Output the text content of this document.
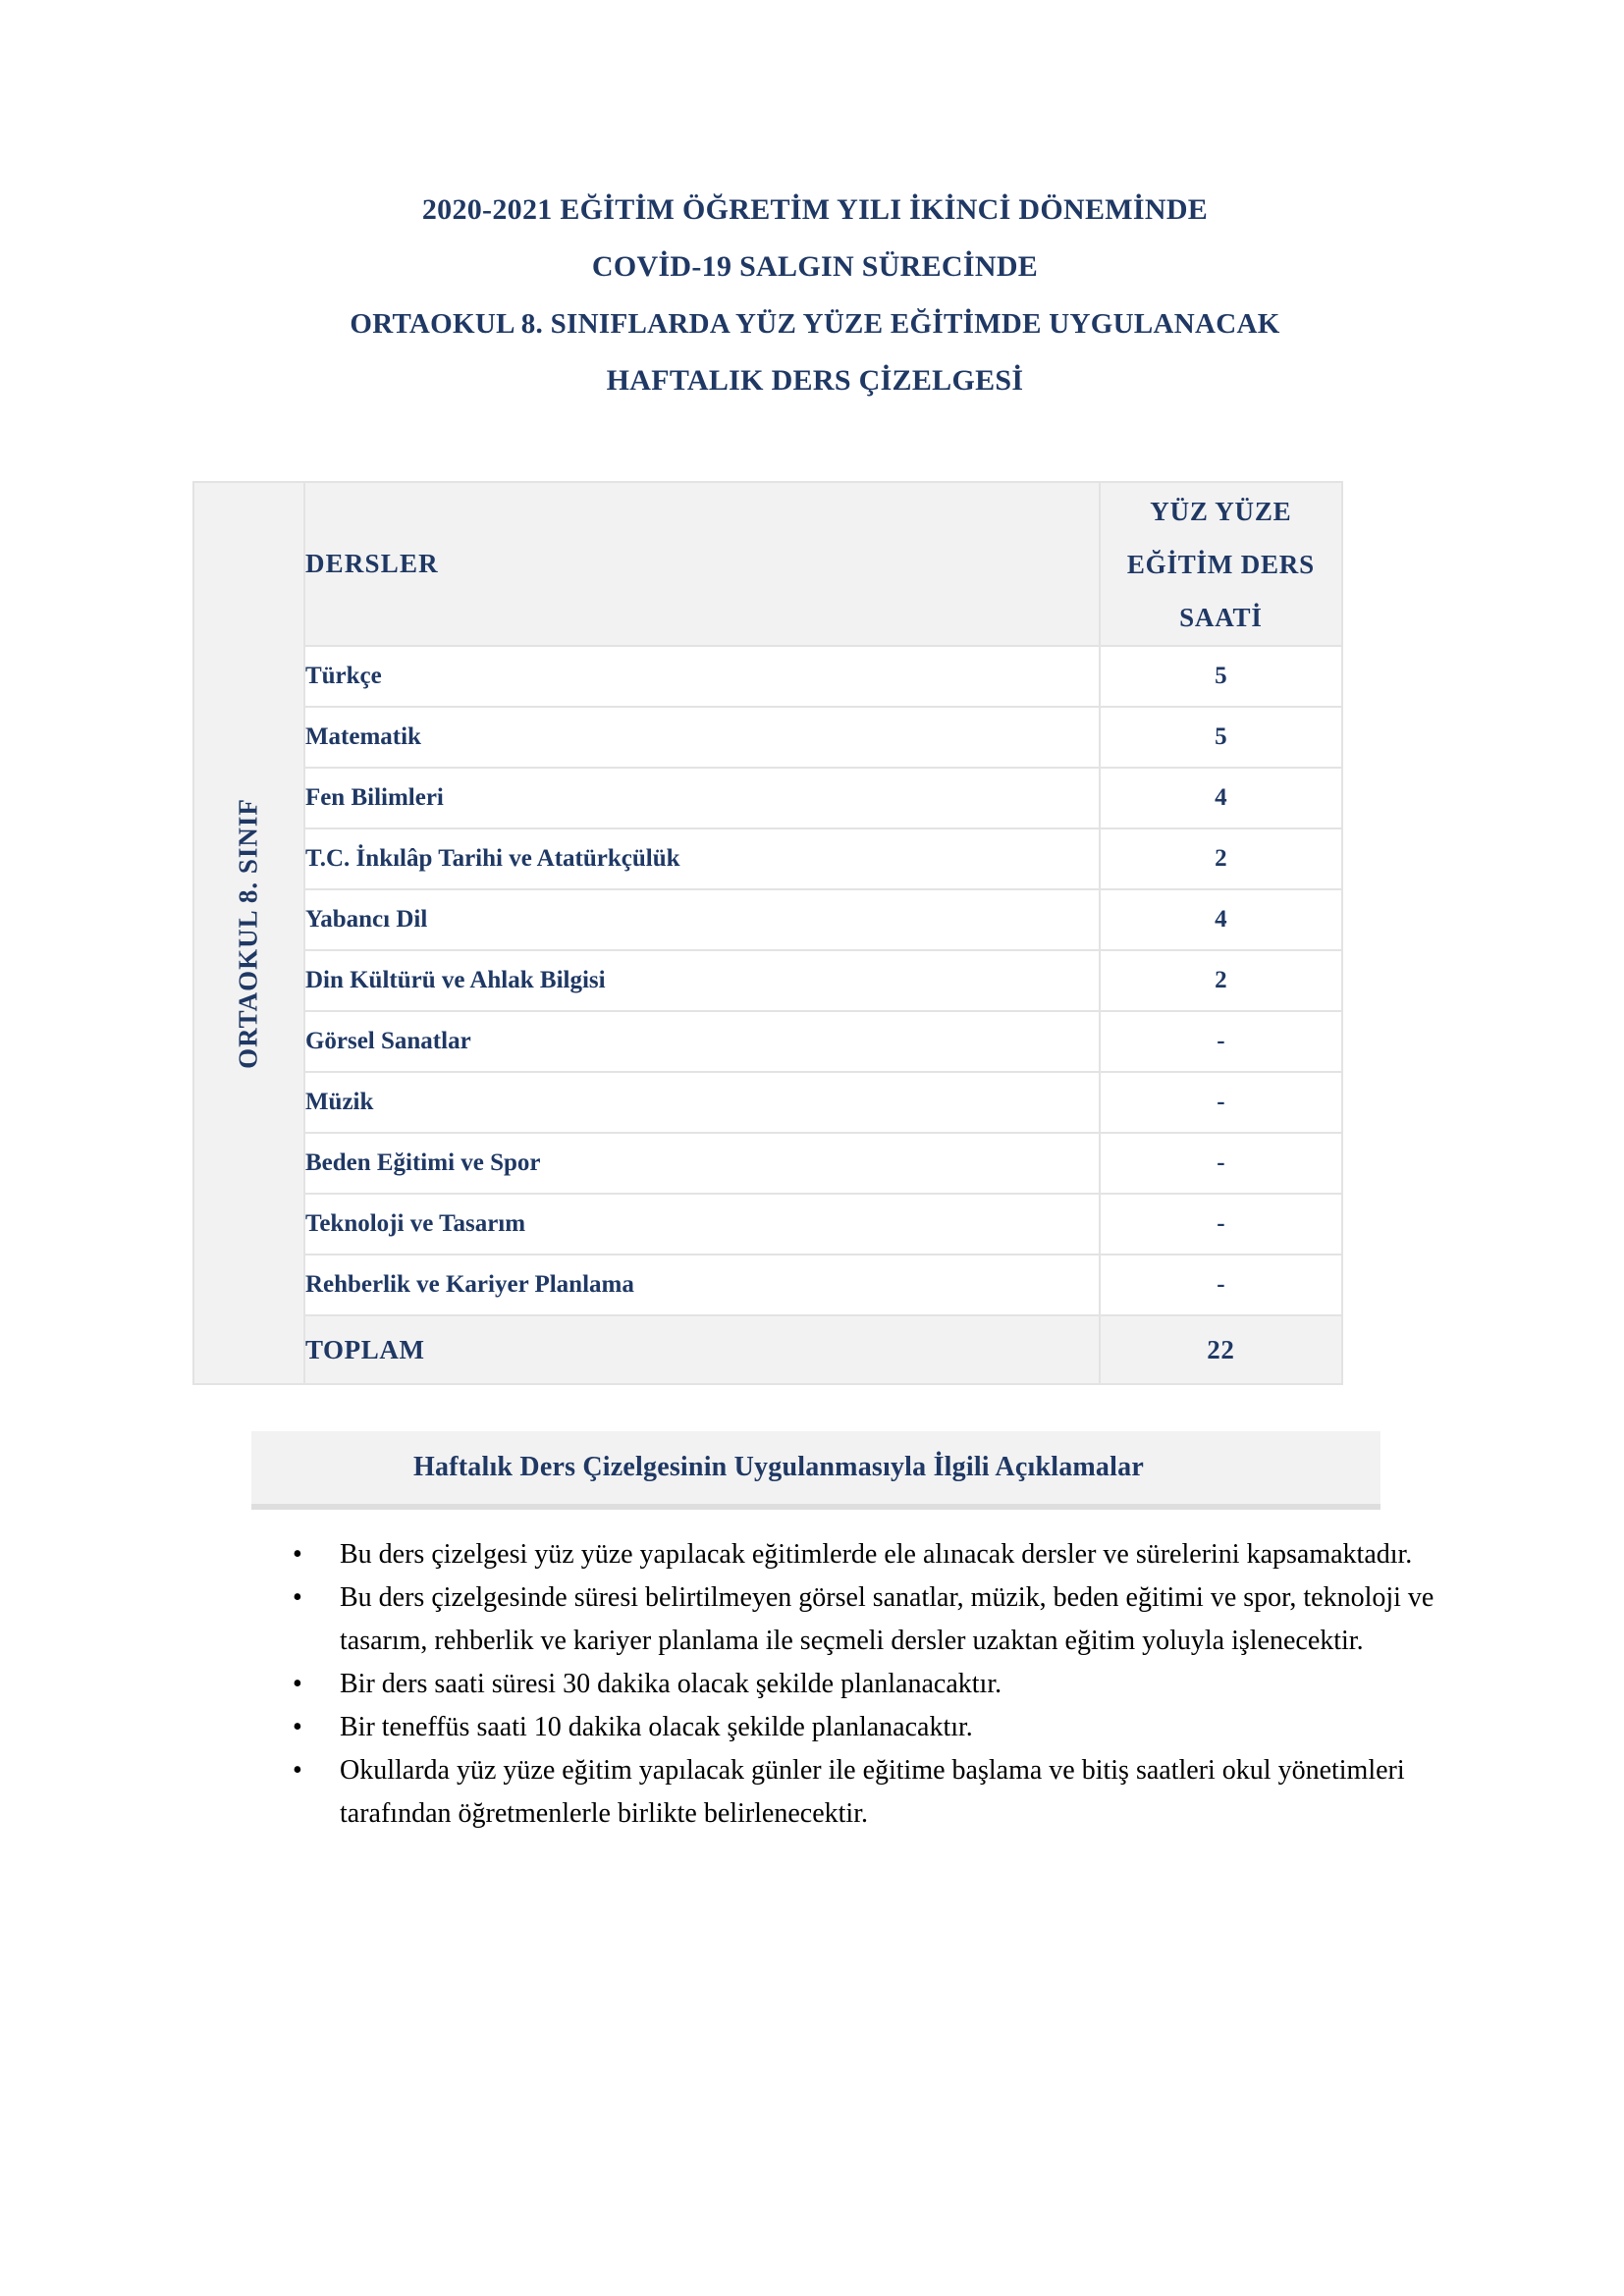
2020-2021 EĞİTİM ÖĞRETİM YILI İKİNCİ DÖNEMİNDE
COVİD-19 SALGIN SÜRECİNDE
ORTAOKUL 8. SINIFLARDA YÜZ YÜZE EĞİTİMDE UYGULANACAK
HAFTALIK DERS ÇİZELGESİ
ORTAOKUL 8. SINIF	DERSLER	YÜZ YÜZE
EĞİTİM DERS
SAATİ

	Türkçe	5
	Matematik	5
	Fen Bilimleri	4
	T.C. İnkılâp Tarihi ve Atatürkçülük	2
	Yabancı Dil	4
	Din Kültürü ve Ahlak Bilgisi	2
	Görsel Sanatlar	-
	Müzik	-
	Beden Eğitimi ve Spor	-
	Teknoloji ve Tasarım	-
	Rehberlik ve Kariyer Planlama	-
	TOPLAM	22
Haftalık Ders Çizelgesinin Uygulanmasıyla İlgili Açıklamalar
• Bu ders çizelgesi yüz yüze yapılacak eğitimlerde ele alınacak dersler ve sürelerini kapsamaktadır.
• Bu ders çizelgesinde süresi belirtilmeyen görsel sanatlar, müzik, beden eğitimi ve spor, teknoloji ve tasarım, rehberlik ve kariyer planlama ile seçmeli dersler uzaktan eğitim yoluyla işlenecektir.
• Bir ders saati süresi 30 dakika olacak şekilde planlanacaktır.
• Bir teneffüs saati 10 dakika olacak şekilde planlanacaktır.
• Okullarda yüz yüze eğitim yapılacak günler ile eğitime başlama ve bitiş saatleri okul yönetimleri tarafından öğretmenlerle birlikte belirlenecektir.
